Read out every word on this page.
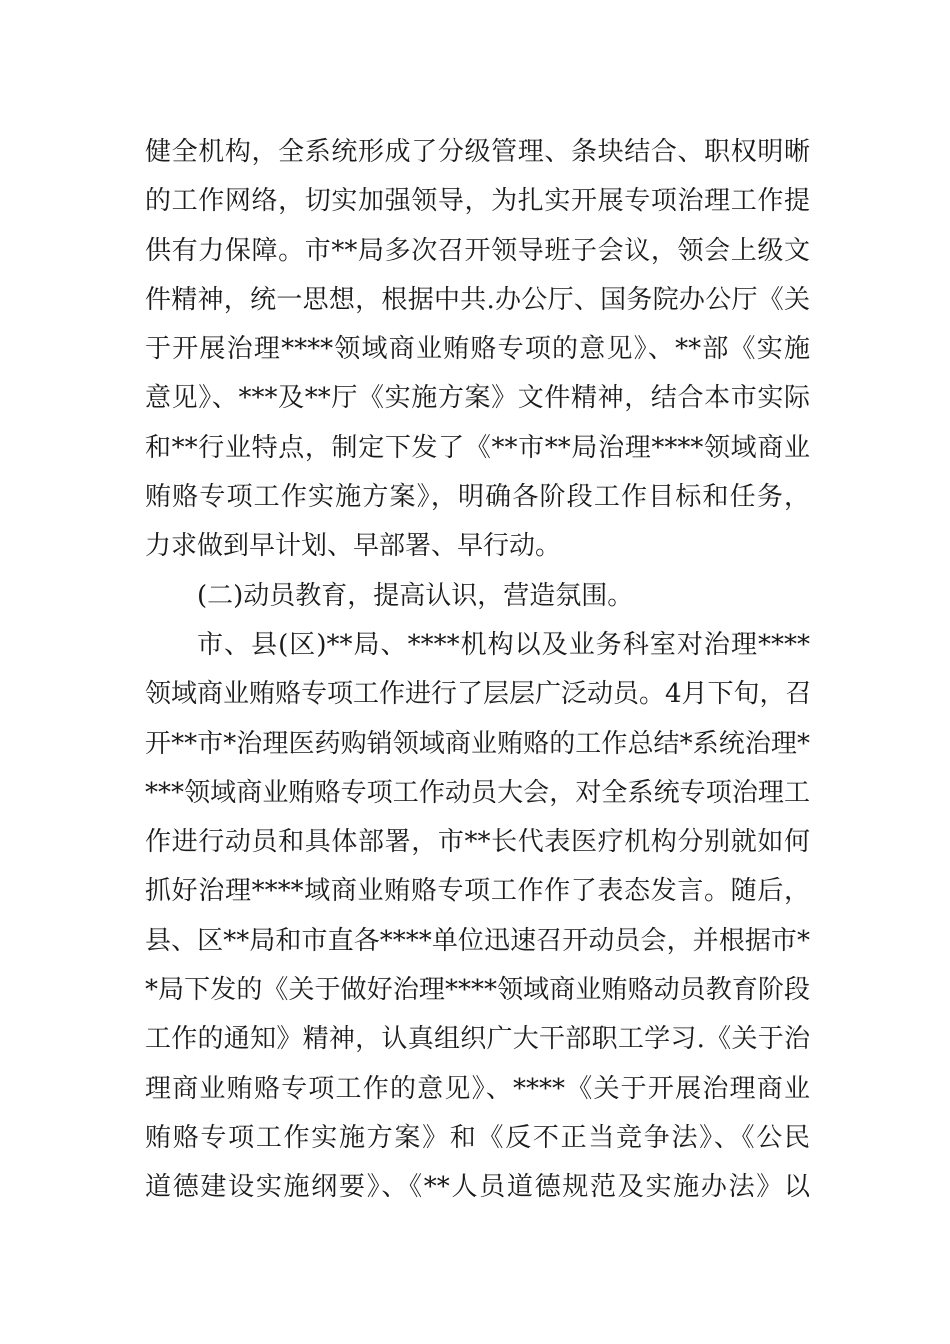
健全机构，全系统形成了分级管理、条块结合、职权明晰
的工作网络，切实加强领导，为扎实开展专项治理工作提
供有力保障。市**局多次召开领导班子会议，领会上级文
件精神，统一思想，根据中共.办公厅、国务院办公厅《关
于开展治理****领域商业贿赂专项的意见》、**部《实施
意见》、***及**厅《实施方案》文件精神，结合本市实际
和**行业特点，制定下发了《**市**局治理****领域商业
贿赂专项工作实施方案》，明确各阶段工作目标和任务，
力求做到早计划、早部署、早行动。
(二)动员教育，提高认识，营造氛围。
市、县(区)**局、****机构以及业务科室对治理****
领域商业贿赂专项工作进行了层层广泛动员。4月下旬，召
开**市*治理医药购销领域商业贿赂的工作总结*系统治理*
***领域商业贿赂专项工作动员大会，对全系统专项治理工
作进行动员和具体部署，市**长代表医疗机构分别就如何
抓好治理****域商业贿赂专项工作作了表态发言。随后，
县、区**局和市直各****单位迅速召开动员会，并根据市*
*局下发的《关于做好治理****领域商业贿赂动员教育阶段
工作的通知》精神，认真组织广大干部职工学习.《关于治
理商业贿赂专项工作的意见》、****《关于开展治理商业
贿赂专项工作实施方案》和《反不正当竞争法》、《公民
道德建设实施纲要》、《**人员道德规范及实施办法》以
